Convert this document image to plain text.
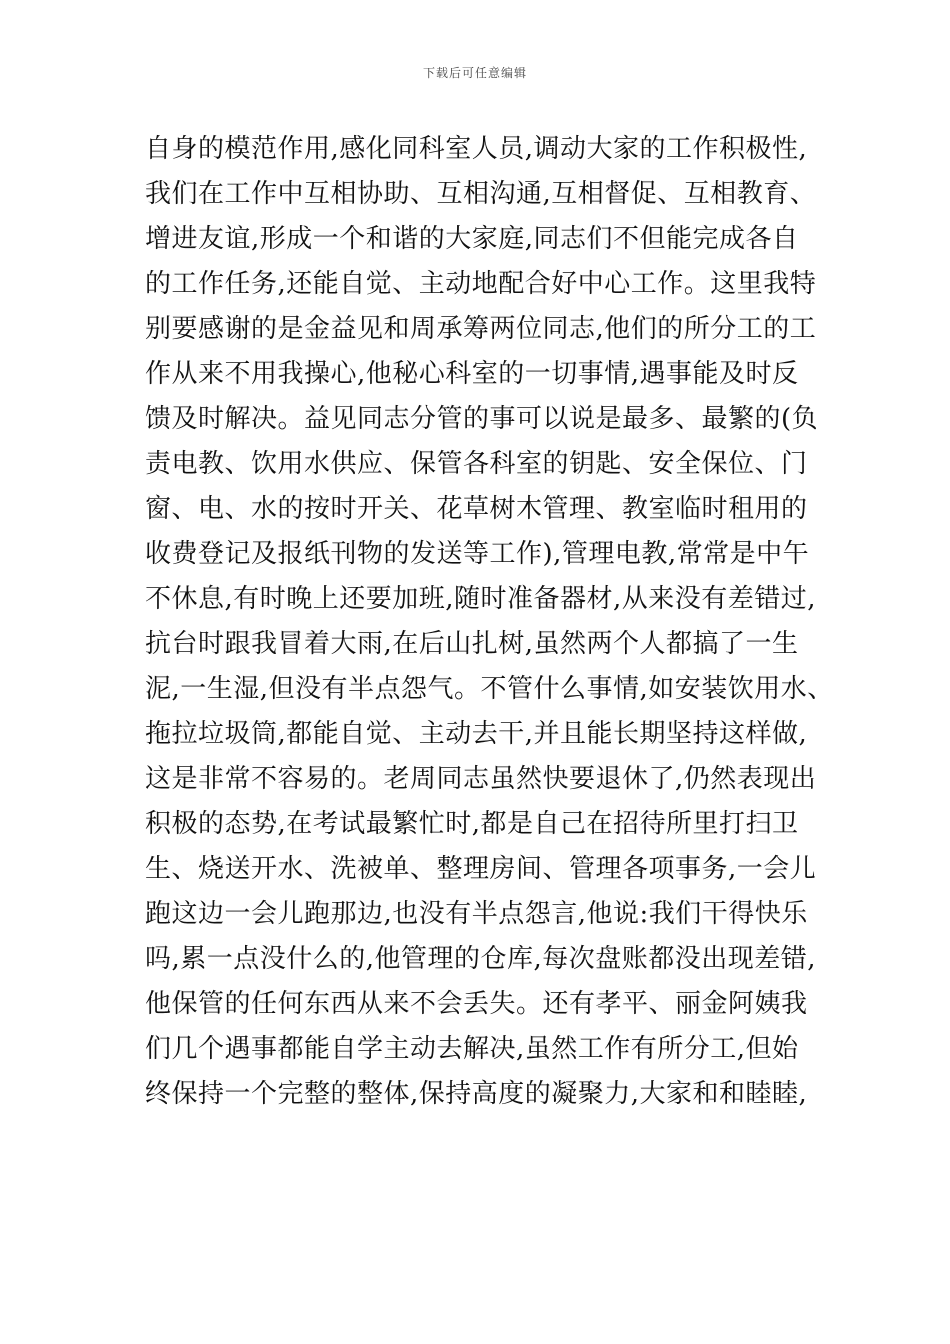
下载后可任意编辑
自身的模范作用,感化同科室人员,调动大家的工作积极性,
我们在工作中互相协助、互相沟通,互相督促、互相教育、
增进友谊,形成一个和谐的大家庭,同志们不但能完成各自
的工作任务,还能自觉、主动地配合好中心工作。这里我特
别要感谢的是金益见和周承筹两位同志,他们的所分工的工
作从来不用我操心,他秘心科室的一切事情,遇事能及时反
馈及时解决。益见同志分管的事可以说是最多、最繁的(负
责电教、饮用水供应、保管各科室的钥匙、安全保位、门
窗、电、水的按时开关、花草树木管理、教室临时租用的
收费登记及报纸刊物的发送等工作),管理电教,常常是中午
不休息,有时晚上还要加班,随时准备器材,从来没有差错过,
抗台时跟我冒着大雨,在后山扎树,虽然两个人都搞了一生
泥,一生湿,但没有半点怨气。不管什么事情,如安装饮用水、
拖拉垃圾筒,都能自觉、主动去干,并且能长期坚持这样做,
这是非常不容易的。老周同志虽然快要退休了,仍然表现出
积极的态势,在考试最繁忙时,都是自己在招待所里打扫卫
生、烧送开水、洗被单、整理房间、管理各项事务,一会儿
跑这边一会儿跑那边,也没有半点怨言,他说:我们干得快乐
吗,累一点没什么的,他管理的仓库,每次盘账都没出现差错,
他保管的任何东西从来不会丢失。还有孝平、丽金阿姨我
们几个遇事都能自学主动去解决,虽然工作有所分工,但始
终保持一个完整的整体,保持高度的凝聚力,大家和和睦睦,
